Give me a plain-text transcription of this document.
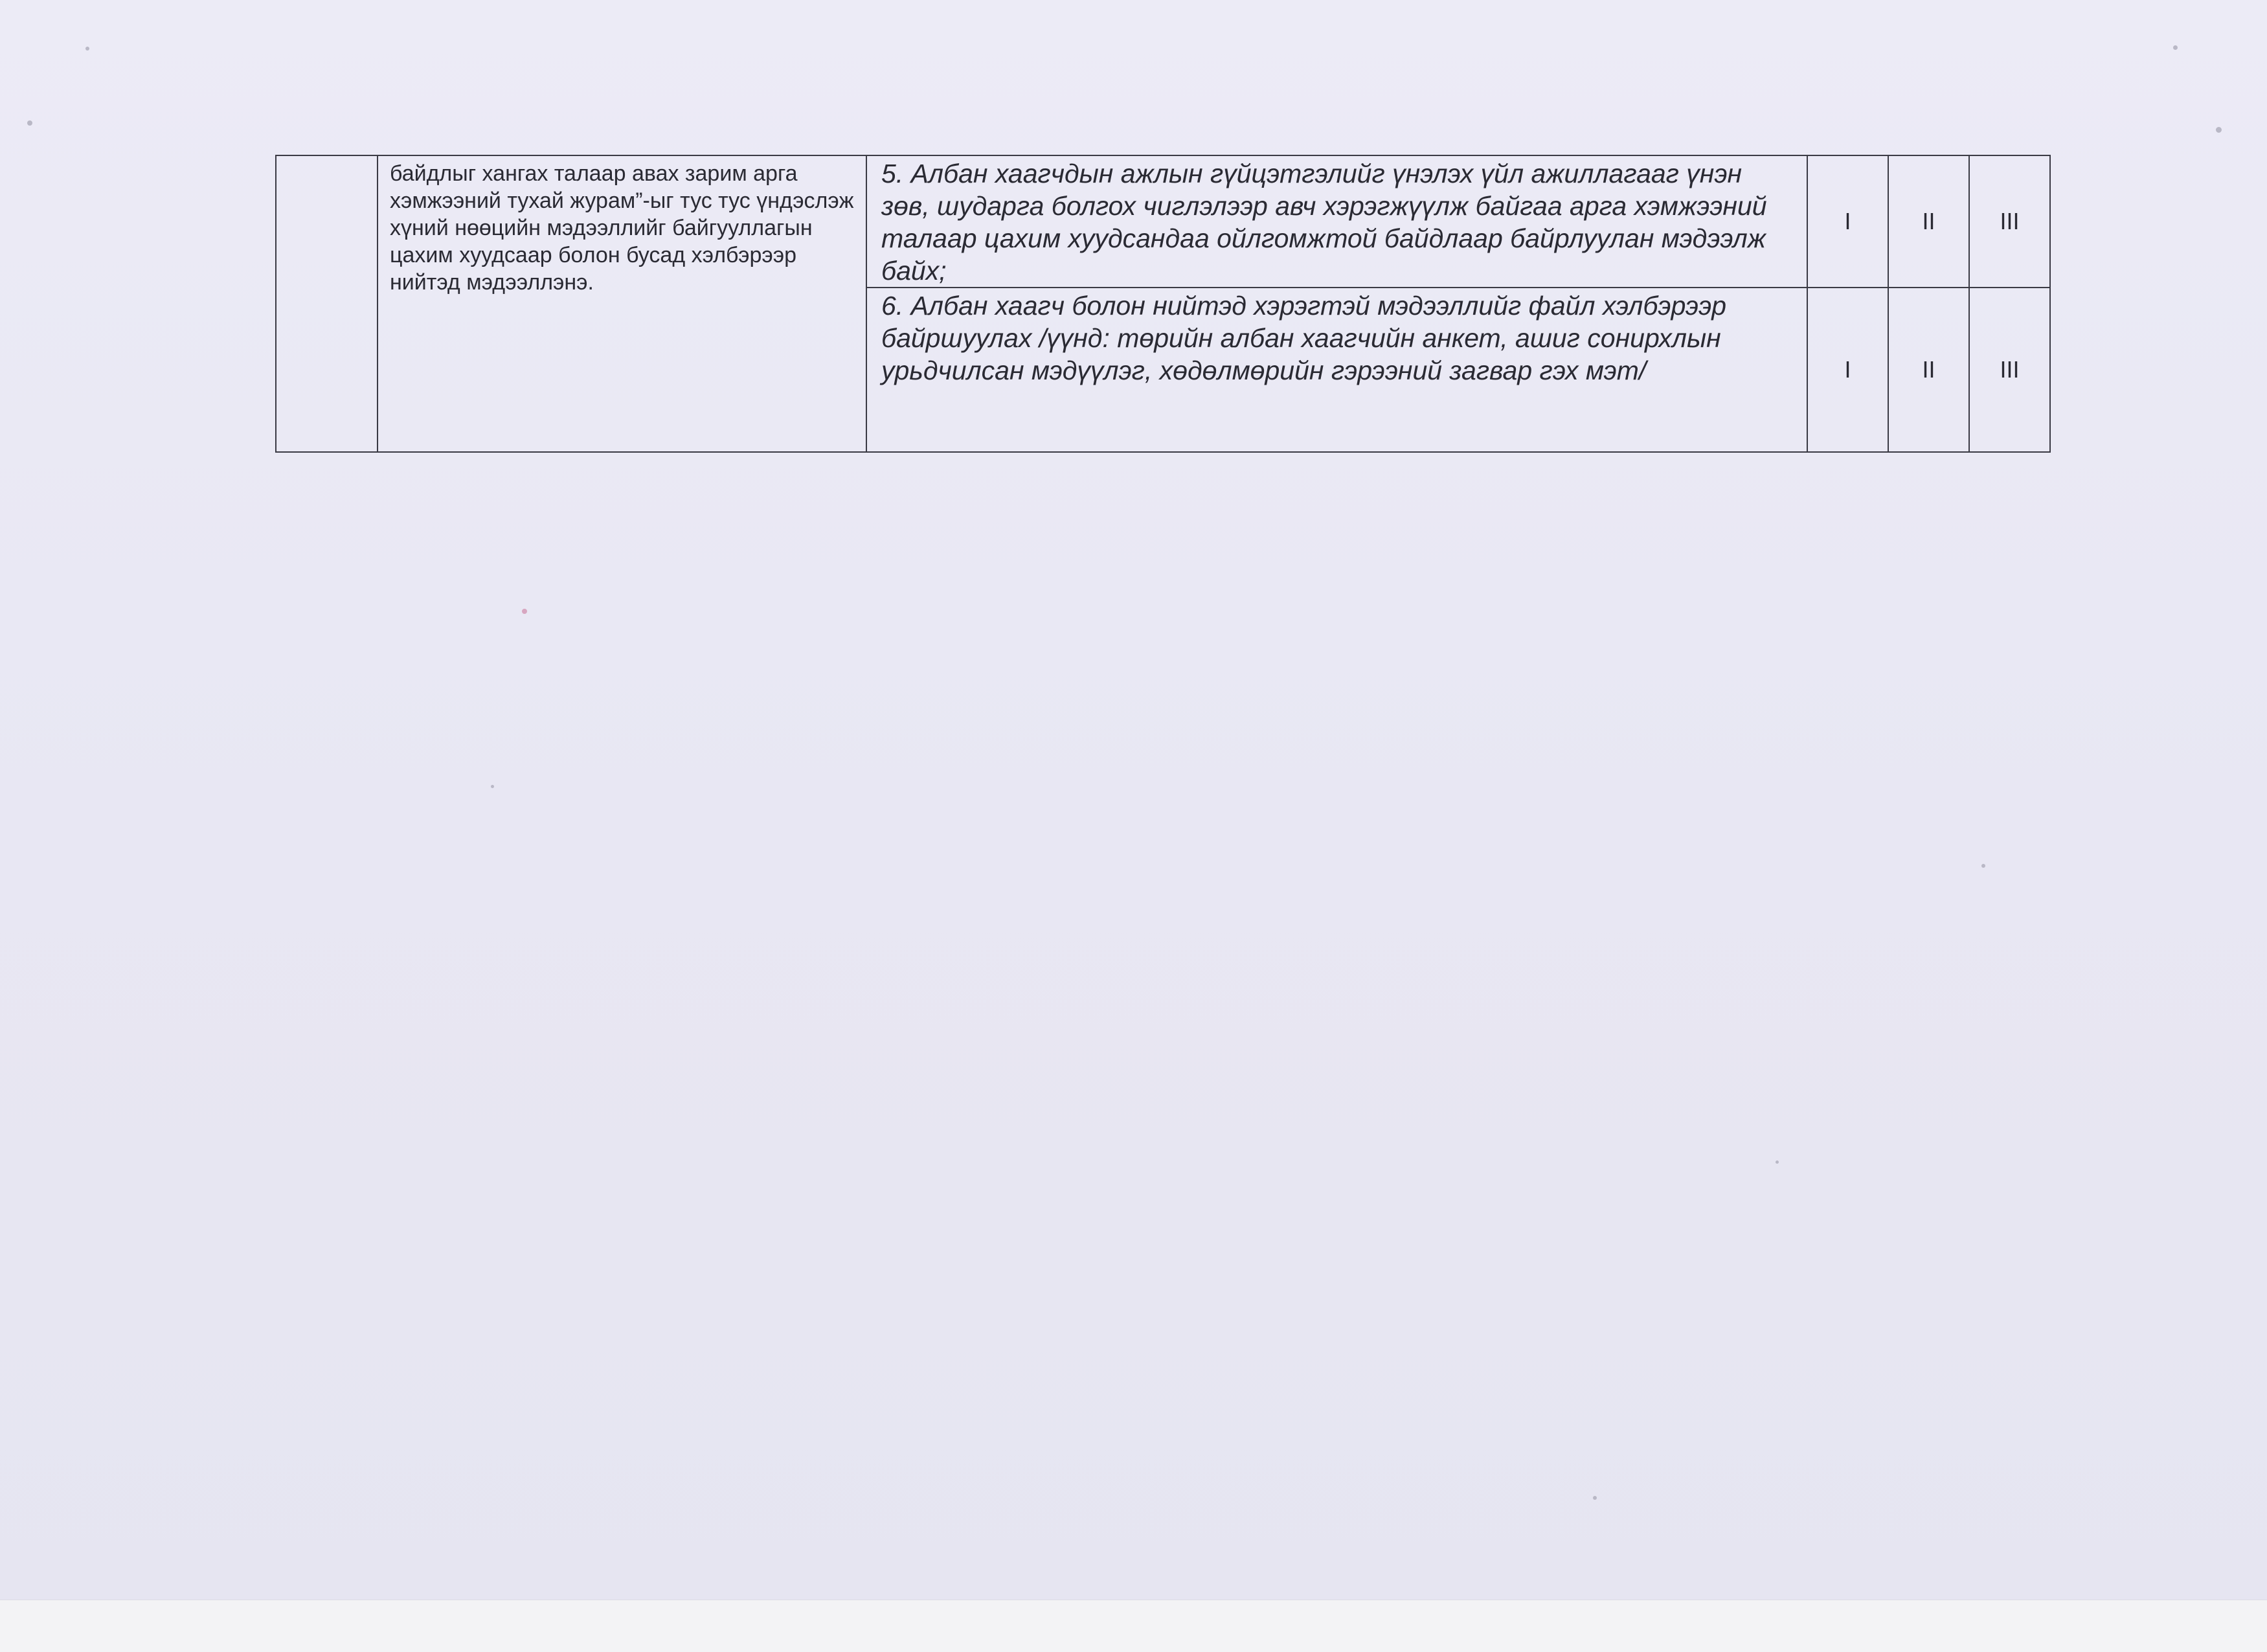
	байдлыг хангах талаар авах зарим арга хэмжээний тухай журам”-ыг тус тус үндэслэж хүний нөөцийн мэдээллийг байгууллагын цахим хуудсаар болон бусад хэлбэрээр нийтэд мэдээллэнэ.	5. Албан хаагчдын ажлын гүйцэтгэлийг үнэлэх үйл ажиллагааг үнэн зөв, шударга болгох чиглэлээр авч хэрэгжүүлж байгаа арга хэмжээний талаар цахим хуудсандаа ойлгомжтой байдлаар байрлуулан мэдээлж байх;	I	II	III

		6. Албан хаагч болон нийтэд хэрэгтэй мэдээллийг файл хэлбэрээр байршуулах /үүнд: төрийн албан хаагчийн анкет, ашиг сонирхлын урьдчилсан мэдүүлэг, хөдөлмөрийн гэрээний загвар гэх мэт/	I	II	III
